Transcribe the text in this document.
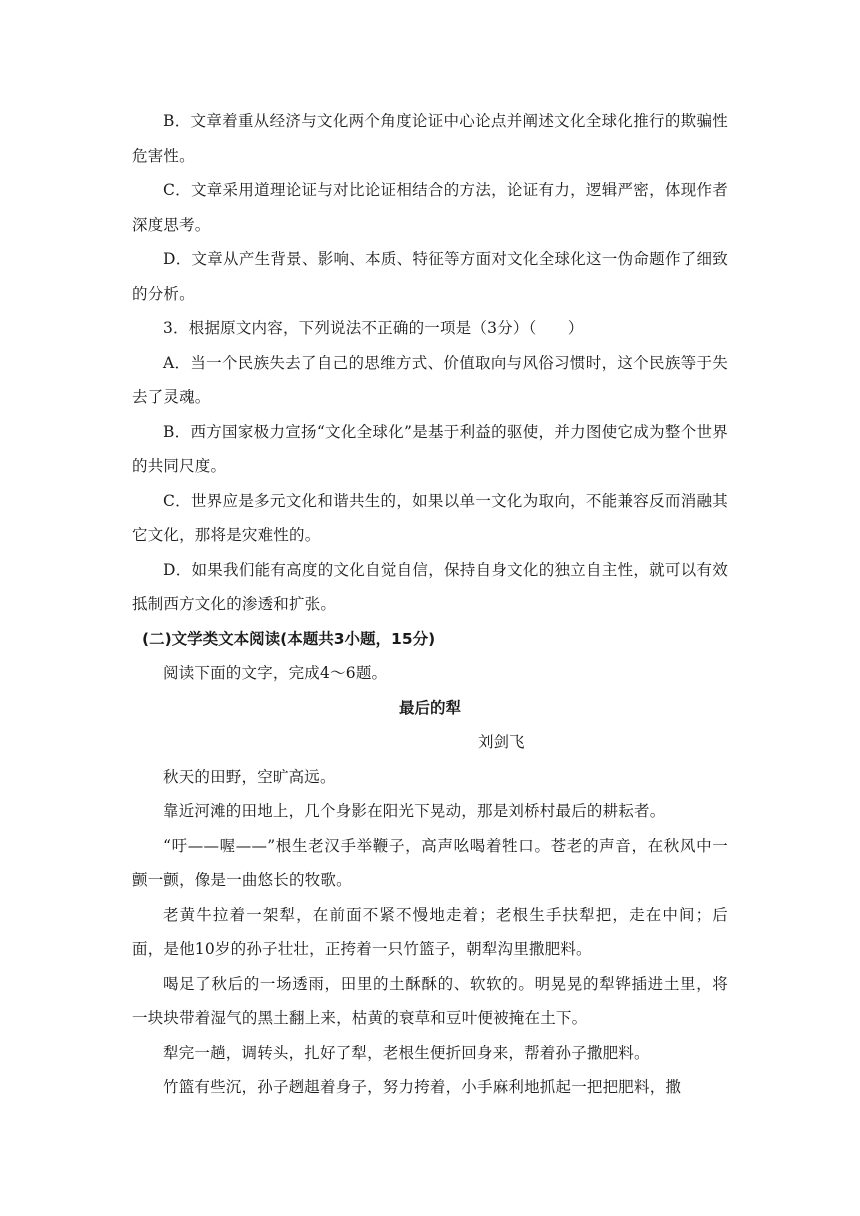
B．文章着重从经济与文化两个角度论证中心论点并阐述文化全球化推行的欺骗性危害性。

C．文章采用道理论证与对比论证相结合的方法，论证有力，逻辑严密，体现作者深度思考。

D．文章从产生背景、影响、本质、特征等方面对文化全球化这一伪命题作了细致的分析。

3．根据原文内容，下列说法不正确的一项是（3分）（　　）

A．当一个民族失去了自己的思维方式、价值取向与风俗习惯时，这个民族等于失去了灵魂。

B．西方国家极力宣扬“文化全球化”是基于利益的驱使，并力图使它成为整个世界的共同尺度。

C．世界应是多元文化和谐共生的，如果以单一文化为取向，不能兼容反而消融其它文化，那将是灾难性的。

D．如果我们能有高度的文化自觉自信，保持自身文化的独立自主性，就可以有效抵制西方文化的渗透和扩张。

(二)文学类文本阅读(本题共3小题，15分)

阅读下面的文字，完成4～6题。

最后的犁

刘剑飞

秋天的田野，空旷高远。

靠近河滩的田地上，几个身影在阳光下晃动，那是刘桥村最后的耕耘者。

“吁——喔——”根生老汉手举鞭子，高声吆喝着牲口。苍老的声音，在秋风中一颤一颤，像是一曲悠长的牧歌。

老黄牛拉着一架犁，在前面不紧不慢地走着；老根生手扶犁把，走在中间；后面，是他10岁的孙子壮壮，正挎着一只竹篮子，朝犁沟里撒肥料。

喝足了秋后的一场透雨，田里的土酥酥的、软软的。明晃晃的犁铧插进土里，将一块块带着湿气的黑土翻上来，枯黄的衰草和豆叶便被掩在土下。

犁完一趟，调转头，扎好了犁，老根生便折回身来，帮着孙子撒肥料。

竹篮有些沉，孙子趔趄着身子，努力挎着，小手麻利地抓起一把把肥料，撒
